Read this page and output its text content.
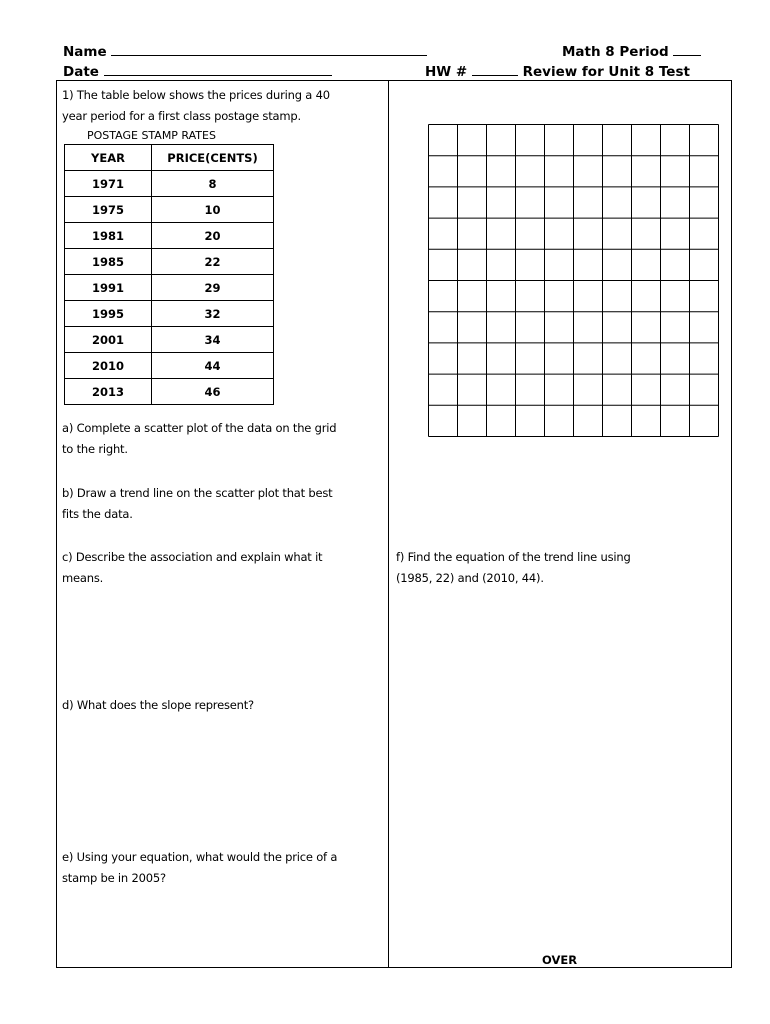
Name	Math 8 Period
Date	HW #	Review for Unit 8 Test
1) The table below shows the prices during a 40
year period for a first class postage stamp.
POSTAGE STAMP RATES
YEAR	PRICE(CENTS)
1971	8
1975	10
1981	20
1985	22
1991	29
1995	32
2001	34
2010	44
2013	46
a) Complete a scatter plot of the data on the grid
to the right.
b) Draw a trend line on the scatter plot that best
fits the data.
c) Describe the association and explain what it
means.
d) What does the slope represent?
e) Using your equation, what would the price of a
stamp be in 2005?
f) Find the equation of the trend line using
(1985, 22) and (2010, 44).
OVER
